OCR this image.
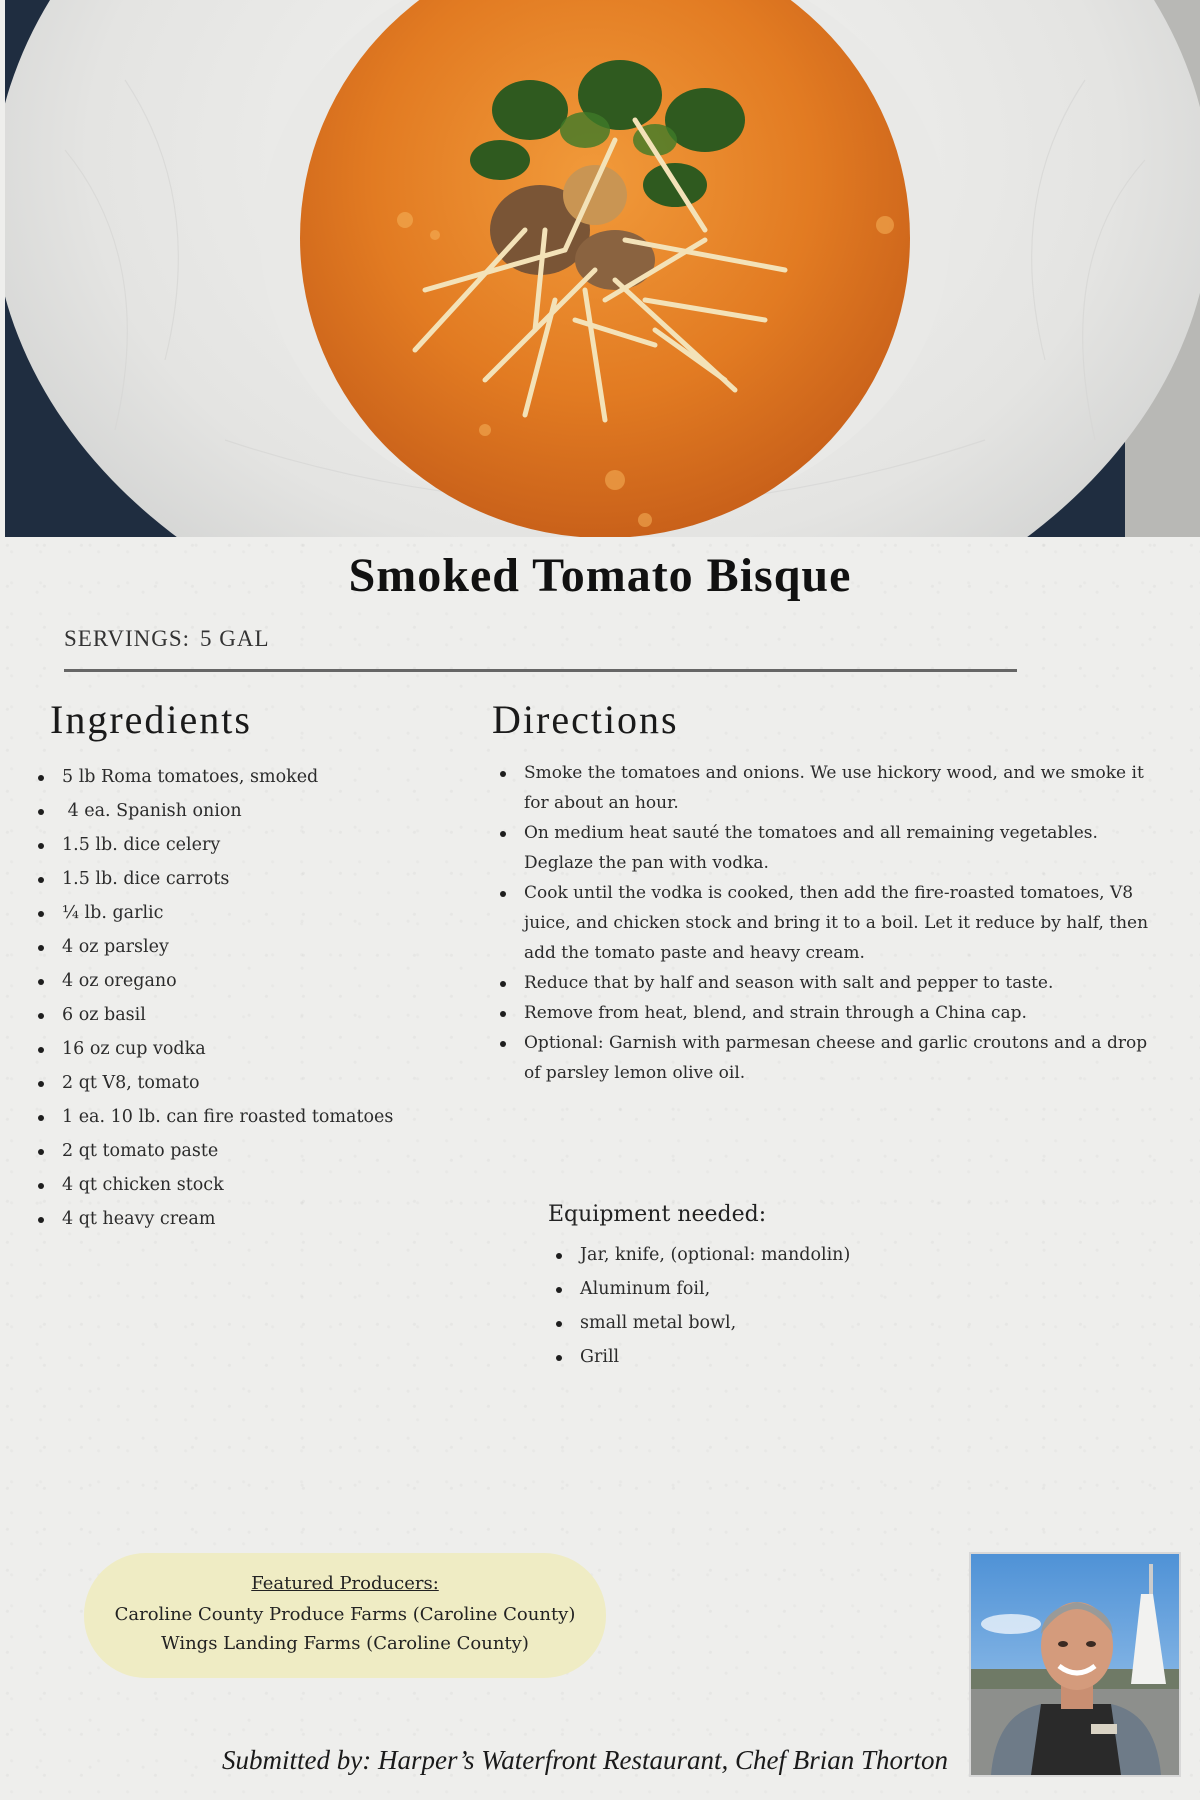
Smoked Tomato Bisque
SERVINGS: 5 GAL
Ingredients	Directions
5 lb Roma tomatoes, smoked
4 ea. Spanish onion
1.5 lb. dice celery
1.5 lb. dice carrots
¼ lb. garlic
4 oz parsley
4 oz oregano
6 oz basil
16 oz cup vodka
2 qt V8, tomato
1 ea. 10 lb. can fire roasted tomatoes
2 qt tomato paste
4 qt chicken stock
4 qt heavy cream
Smoke the tomatoes and onions. We use hickory wood, and we smoke it for about an hour.
On medium heat sauté the tomatoes and all remaining vegetables. Deglaze the pan with vodka.
Cook until the vodka is cooked, then add the fire-roasted tomatoes, V8 juice, and chicken stock and bring it to a boil. Let it reduce by half, then add the tomato paste and heavy cream.
Reduce that by half and season with salt and pepper to taste.
Remove from heat, blend, and strain through a China cap.
Optional: Garnish with parmesan cheese and garlic croutons and a drop of parsley lemon olive oil.
Equipment needed:
Jar, knife, (optional: mandolin)
Aluminum foil,
small metal bowl,
Grill
Featured Producers:
Caroline County Produce Farms (Caroline County)
Wings Landing Farms (Caroline County)
Submitted by: Harper’s Waterfront Restaurant, Chef Brian Thorton
